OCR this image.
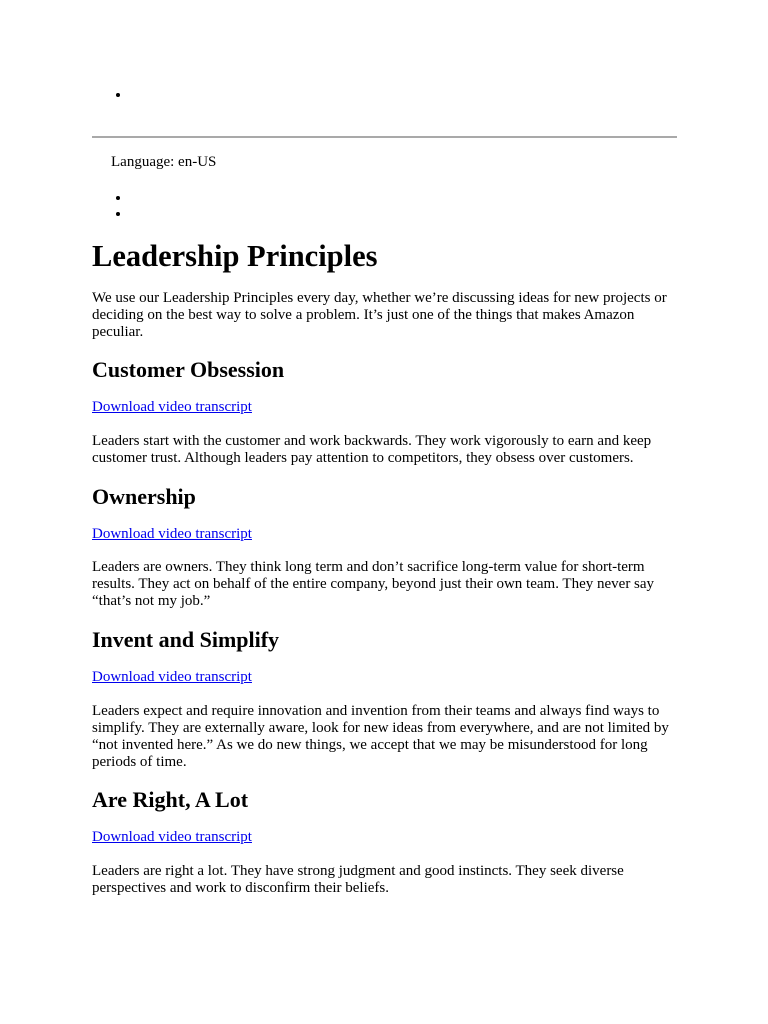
Language: en-US
Leadership Principles

We use our Leadership Principles every day, whether we’re discussing ideas for new projects or deciding on the best way to solve a problem. It’s just one of the things that makes Amazon peculiar.

Customer Obsession
Download video transcript

Leaders start with the customer and work backwards. They work vigorously to earn and keep customer trust. Although leaders pay attention to competitors, they obsess over customers.

Ownership
Download video transcript

Leaders are owners. They think long term and don’t sacrifice long-term value for short-term results. They act on behalf of the entire company, beyond just their own team. They never say “that’s not my job.”

Invent and Simplify
Download video transcript

Leaders expect and require innovation and invention from their teams and always find ways to simplify. They are externally aware, look for new ideas from everywhere, and are not limited by “not invented here.” As we do new things, we accept that we may be misunderstood for long periods of time.

Are Right, A Lot
Download video transcript

Leaders are right a lot. They have strong judgment and good instincts. They seek diverse perspectives and work to disconfirm their beliefs.
